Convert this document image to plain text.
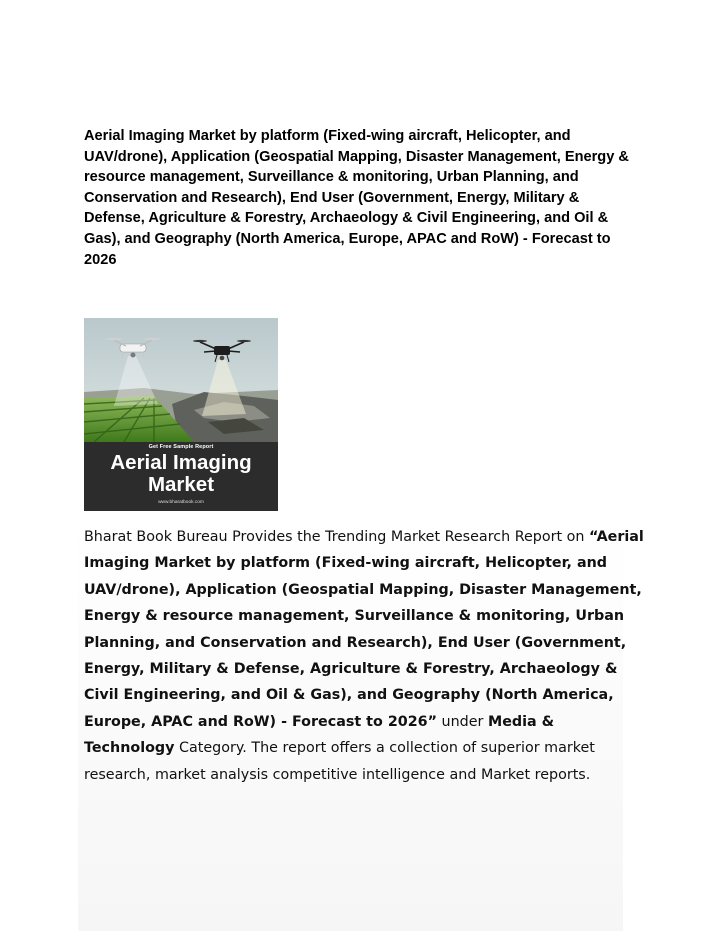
Aerial Imaging Market by platform (Fixed-wing aircraft, Helicopter, and UAV/drone), Application (Geospatial Mapping, Disaster Management, Energy & resource management, Surveillance & monitoring, Urban Planning, and Conservation and Research), End User (Government, Energy, Military & Defense, Agriculture & Forestry, Archaeology & Civil Engineering, and Oil & Gas), and Geography (North America, Europe, APAC and RoW) - Forecast to 2026

Get Free Sample Report
Aerial Imaging
Market
www.bharatbook.com

Bharat Book Bureau Provides the Trending Market Research Report on “Aerial Imaging Market by platform (Fixed-wing aircraft, Helicopter, and UAV/drone), Application (Geospatial Mapping, Disaster Management, Energy & resource management, Surveillance & monitoring, Urban Planning, and Conservation and Research), End User (Government, Energy, Military & Defense, Agriculture & Forestry, Archaeology & Civil Engineering, and Oil & Gas), and Geography (North America, Europe, APAC and RoW) - Forecast to 2026” under Media & Technology Category. The report offers a collection of superior market research, market analysis competitive intelligence and Market reports.
